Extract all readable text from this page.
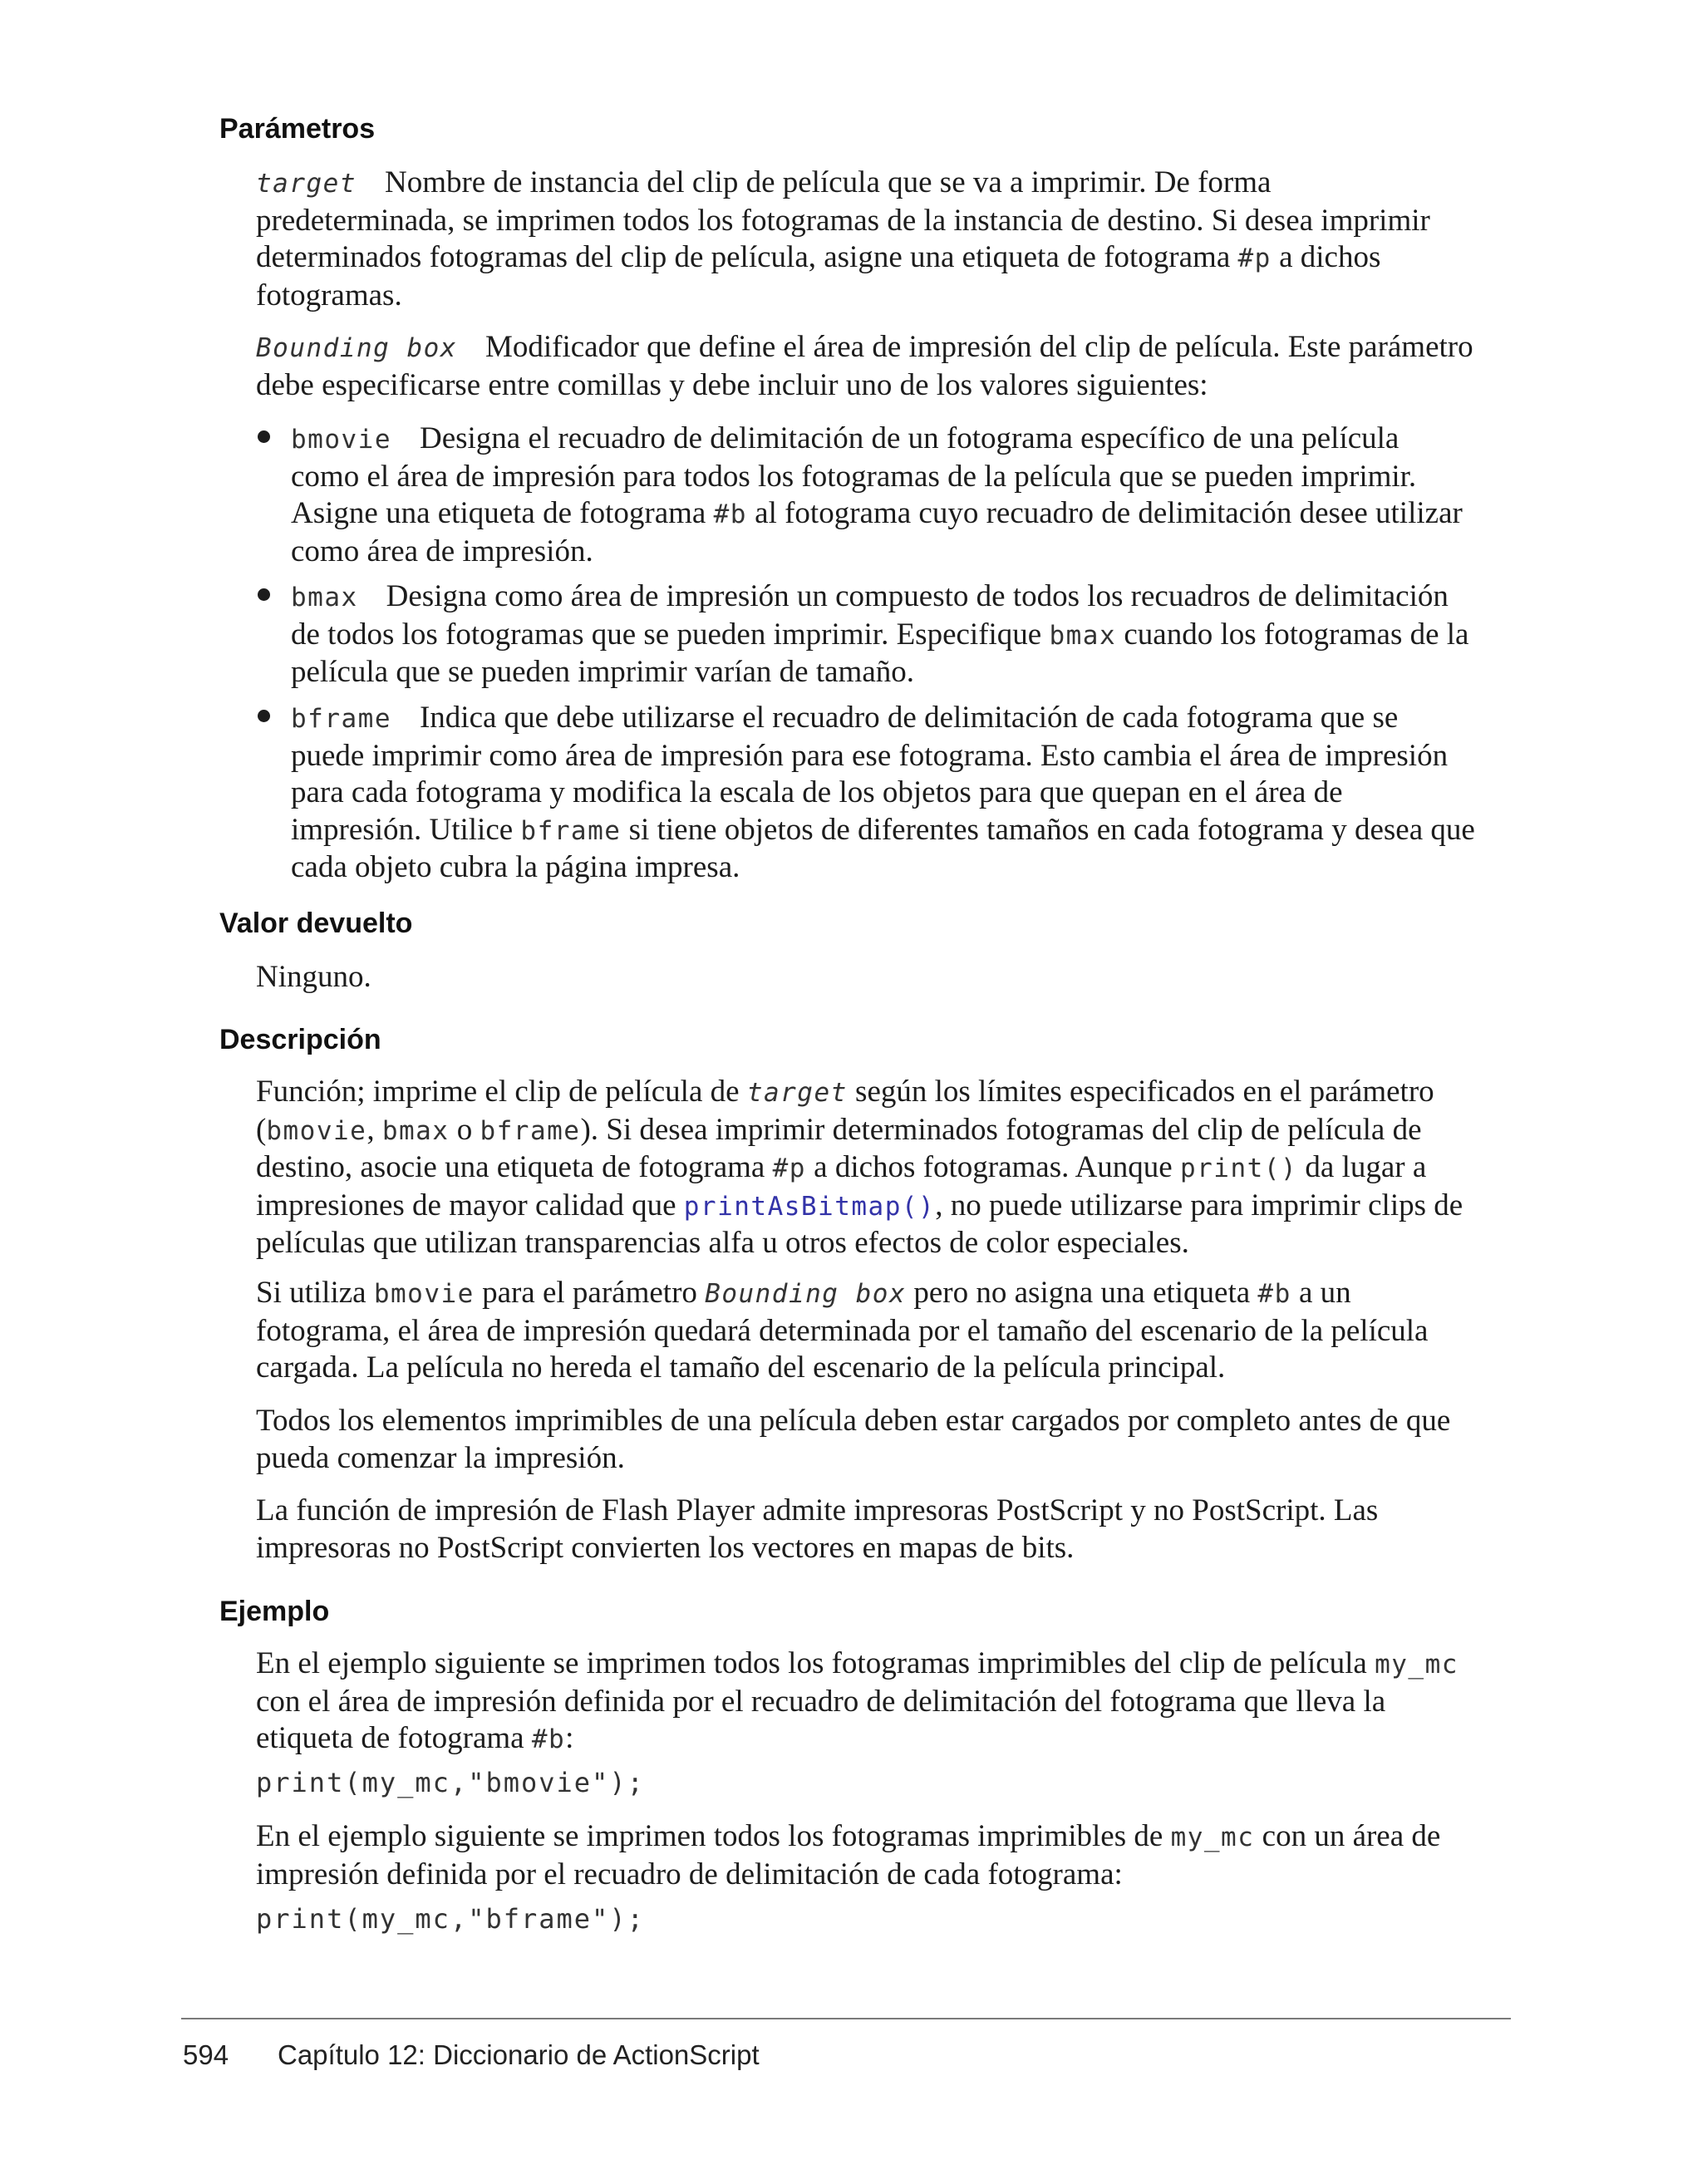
Parámetros

target Nombre de instancia del clip de película que se va a imprimir. De forma
predeterminada, se imprimen todos los fotogramas de la instancia de destino. Si desea imprimir
determinados fotogramas del clip de película, asigne una etiqueta de fotograma #p a dichos
fotogramas.

Bounding box Modificador que define el área de impresión del clip de película. Este parámetro
debe especificarse entre comillas y debe incluir uno de los valores siguientes:

bmovie Designa el recuadro de delimitación de un fotograma específico de una película
como el área de impresión para todos los fotogramas de la película que se pueden imprimir.
Asigne una etiqueta de fotograma #b al fotograma cuyo recuadro de delimitación desee utilizar
como área de impresión.

bmax Designa como área de impresión un compuesto de todos los recuadros de delimitación
de todos los fotogramas que se pueden imprimir. Especifique bmax cuando los fotogramas de la
película que se pueden imprimir varían de tamaño.

bframe Indica que debe utilizarse el recuadro de delimitación de cada fotograma que se
puede imprimir como área de impresión para ese fotograma. Esto cambia el área de impresión
para cada fotograma y modifica la escala de los objetos para que quepan en el área de
impresión. Utilice bframe si tiene objetos de diferentes tamaños en cada fotograma y desea que
cada objeto cubra la página impresa.

Valor devuelto

Ninguno.

Descripción

Función; imprime el clip de película de target según los límites especificados en el parámetro
(bmovie, bmax o bframe). Si desea imprimir determinados fotogramas del clip de película de
destino, asocie una etiqueta de fotograma #p a dichos fotogramas. Aunque print() da lugar a
impresiones de mayor calidad que printAsBitmap(), no puede utilizarse para imprimir clips de
películas que utilizan transparencias alfa u otros efectos de color especiales.

Si utiliza bmovie para el parámetro Bounding box pero no asigna una etiqueta #b a un
fotograma, el área de impresión quedará determinada por el tamaño del escenario de la película
cargada. La película no hereda el tamaño del escenario de la película principal.

Todos los elementos imprimibles de una película deben estar cargados por completo antes de que
pueda comenzar la impresión.

La función de impresión de Flash Player admite impresoras PostScript y no PostScript. Las
impresoras no PostScript convierten los vectores en mapas de bits.

Ejemplo

En el ejemplo siguiente se imprimen todos los fotogramas imprimibles del clip de película my_mc
con el área de impresión definida por el recuadro de delimitación del fotograma que lleva la
etiqueta de fotograma #b:

print(my_mc,"bmovie");

En el ejemplo siguiente se imprimen todos los fotogramas imprimibles de my_mc con un área de
impresión definida por el recuadro de delimitación de cada fotograma:

print(my_mc,"bframe");

594 Capítulo 12: Diccionario de ActionScript
